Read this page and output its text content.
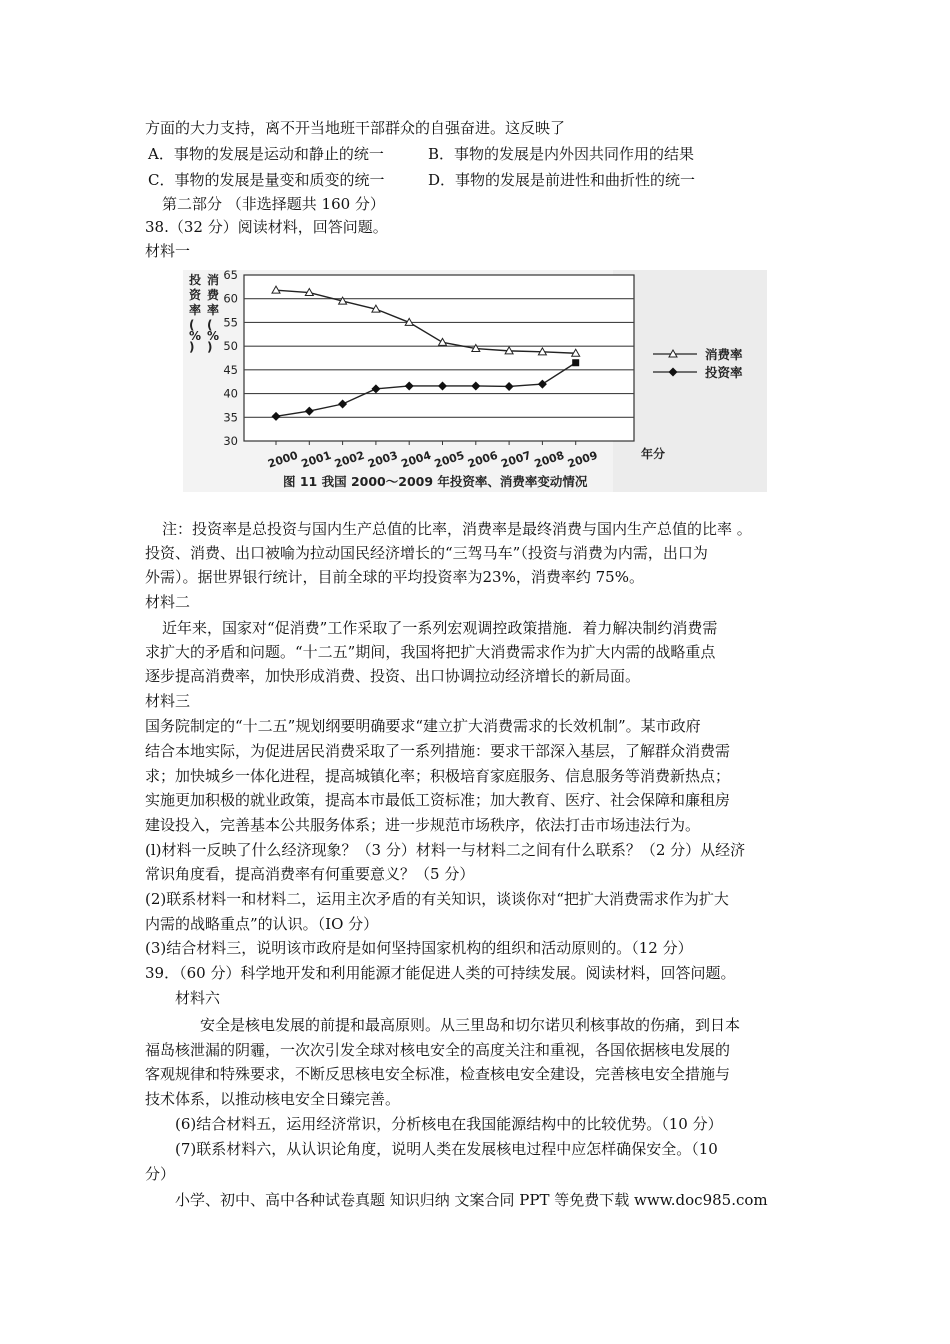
方面的大力支持，离不开当地班干部群众的自强奋进。这反映了
A．事物的发展是运动和静止的统一	B．事物的发展是内外因共同作用的结果
C．事物的发展是量变和质变的统一	D．事物的发展是前进性和曲折性的统一
第二部分 （非选择题共 160 分）
38.（32 分）阅读材料，回答问题。
材料一
30
35
40
45
50
55
60
65
2000 2001 2002 2003 2004 2005 2006 2007 2008 2009
投资率( % )
消费率( % )	消费率
投资率
年分
图 11 我国 2000～2009 年投资率、消费率变动情况
注：投资率是总投资与国内生产总值的比率，消费率是最终消费与国内生产总值的比率 。
投资、消费、出口被喻为拉动国民经济增长的“三驾马车”（投资与消费为内需，出口为
外需）。据世界银行统计，目前全球的平均投资率为23%，消费率约 75%。
材料二
近年来，国家对“促消费”工作采取了一系列宏观调控政策措施．着力解决制约消费需
求扩大的矛盾和问题。“十二五”期间，我国将把扩大消费需求作为扩大内需的战略重点
逐步提高消费率，加快形成消费、投资、出口协调拉动经济增长的新局面。
材料三
国务院制定的“十二五”规划纲要明确要求“建立扩大消费需求的长效机制”。某市政府
结合本地实际，为促进居民消费采取了一系列措施：要求干部深入基层，了解群众消费需
求；加快城乡一体化进程，提高城镇化率；积极培育家庭服务、信息服务等消费新热点；
实施更加积极的就业政策，提高本市最低工资标准；加大教育、医疗、社会保障和廉租房
建设投入，完善基本公共服务体系；进一步规范市场秩序，依法打击市场违法行为。
(l)材料一反映了什么经济现象？（3 分）材料一与材料二之间有什么联系？（2 分）从经济
常识角度看，提高消费率有何重要意义？（5 分）
(2)联系材料一和材料二，运用主次矛盾的有关知识，谈谈你对“把扩大消费需求作为扩大
内需的战略重点”的认识。（IO 分）
(3)结合材料三，说明该市政府是如何坚持国家机构的组织和活动原则的。（12 分）
39．（60 分）科学地开发和利用能源才能促进人类的可持续发展。阅读材料，回答问题。
材料六
安全是核电发展的前提和最高原则。从三里岛和切尔诺贝利核事故的伤痛，到日本
福岛核泄漏的阴霾，一次次引发全球对核电安全的高度关注和重视，各国依据核电发展的
客观规律和特殊要求，不断反思核电安全标准，检查核电安全建设，完善核电安全措施与
技术体系，以推动核电安全日臻完善。
(6)结合材料五，运用经济常识，分析核电在我国能源结构中的比较优势。（10 分）
(7)联系材料六，从认识论角度，说明人类在发展核电过程中应怎样确保安全。（10
分）
小学、初中、高中各种试卷真题 知识归纳 文案合同 PPT 等免费下载 www.doc985.com
